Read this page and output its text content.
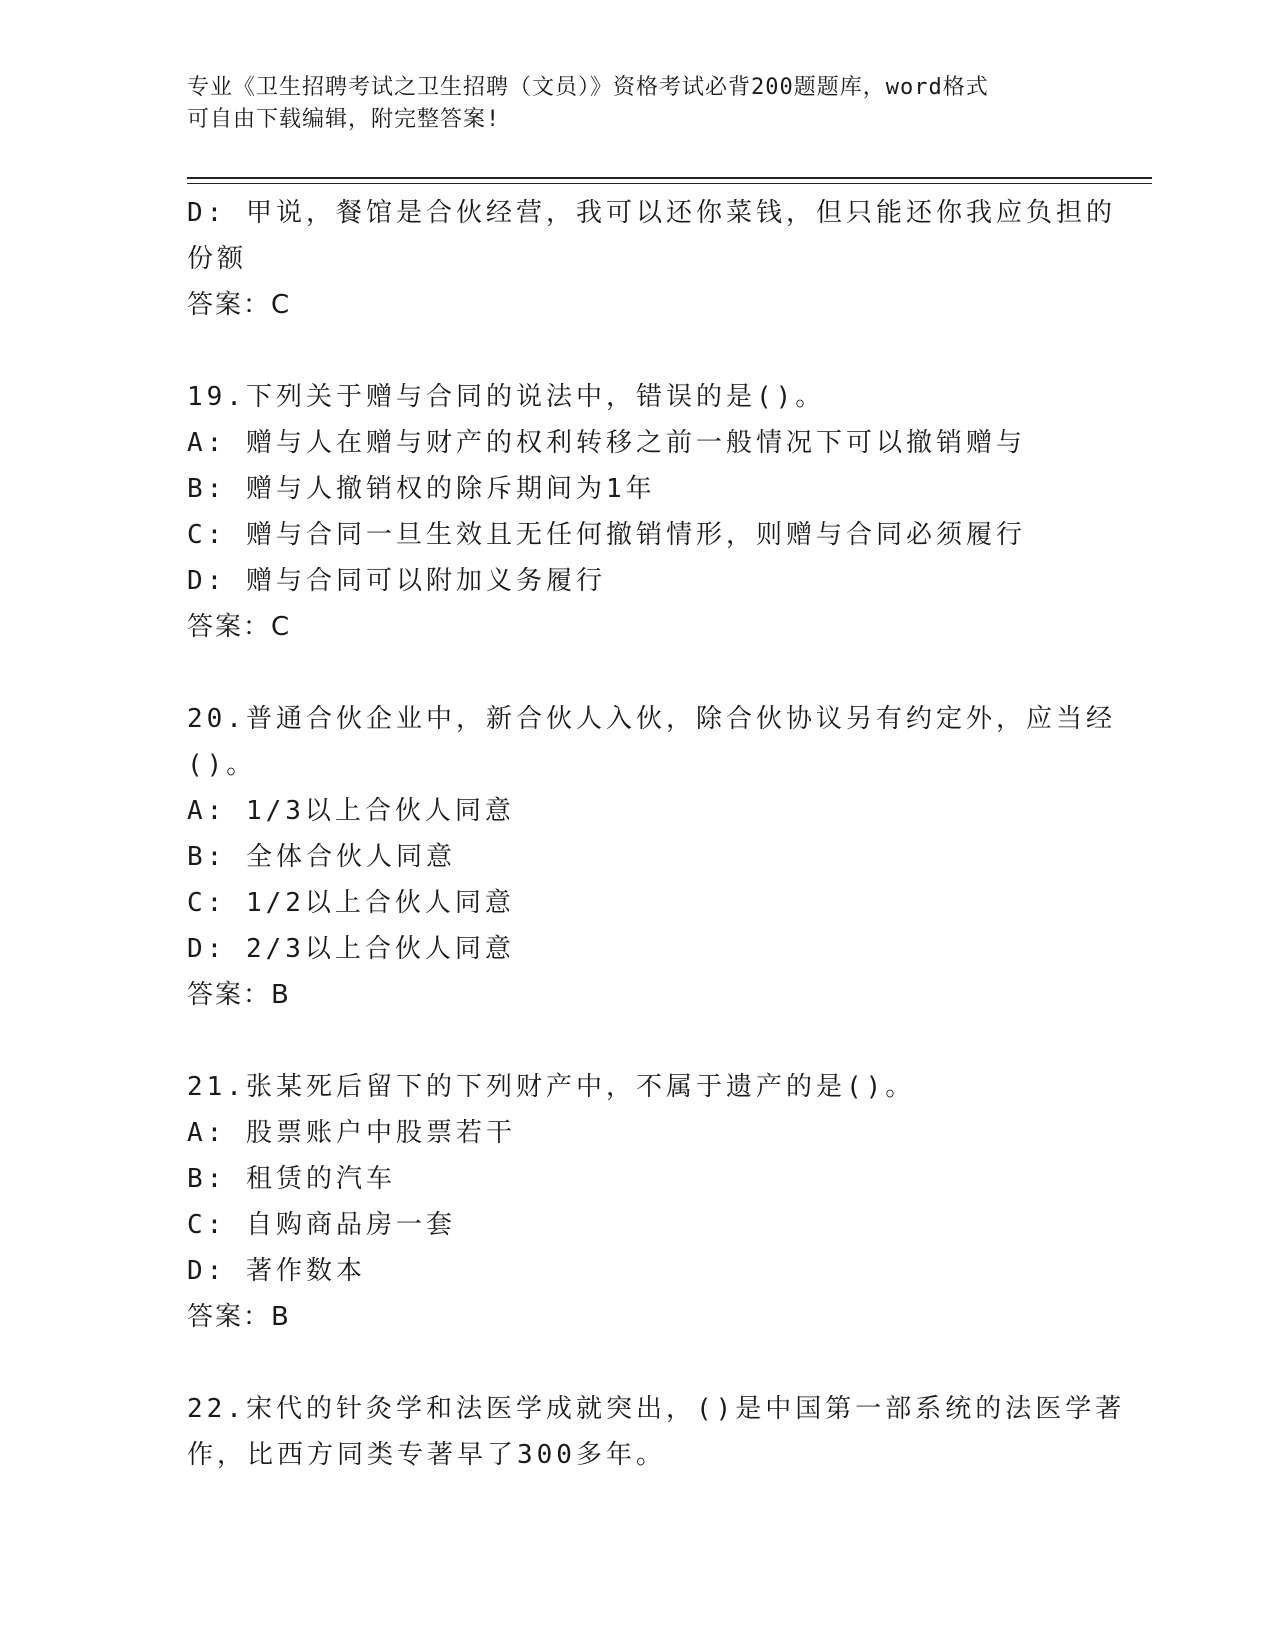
专业《卫生招聘考试之卫生招聘（文员）》资格考试必背200题题库，word格式
可自由下载编辑，附完整答案!
D: 甲说，餐馆是合伙经营，我可以还你菜钱，但只能还你我应负担的
份额
答案：C
19.下列关于赠与合同的说法中，错误的是()。
A: 赠与人在赠与财产的权利转移之前一般情况下可以撤销赠与
B: 赠与人撤销权的除斥期间为1年
C: 赠与合同一旦生效且无任何撤销情形，则赠与合同必须履行
D: 赠与合同可以附加义务履行
答案：C
20.普通合伙企业中，新合伙人入伙，除合伙协议另有约定外，应当经
()。
A: 1/3以上合伙人同意
B: 全体合伙人同意
C: 1/2以上合伙人同意
D: 2/3以上合伙人同意
答案：B
21.张某死后留下的下列财产中，不属于遗产的是()。
A: 股票账户中股票若干
B: 租赁的汽车
C: 自购商品房一套
D: 著作数本
答案：B
22.宋代的针灸学和法医学成就突出，()是中国第一部系统的法医学著
作，比西方同类专著早了300多年。
